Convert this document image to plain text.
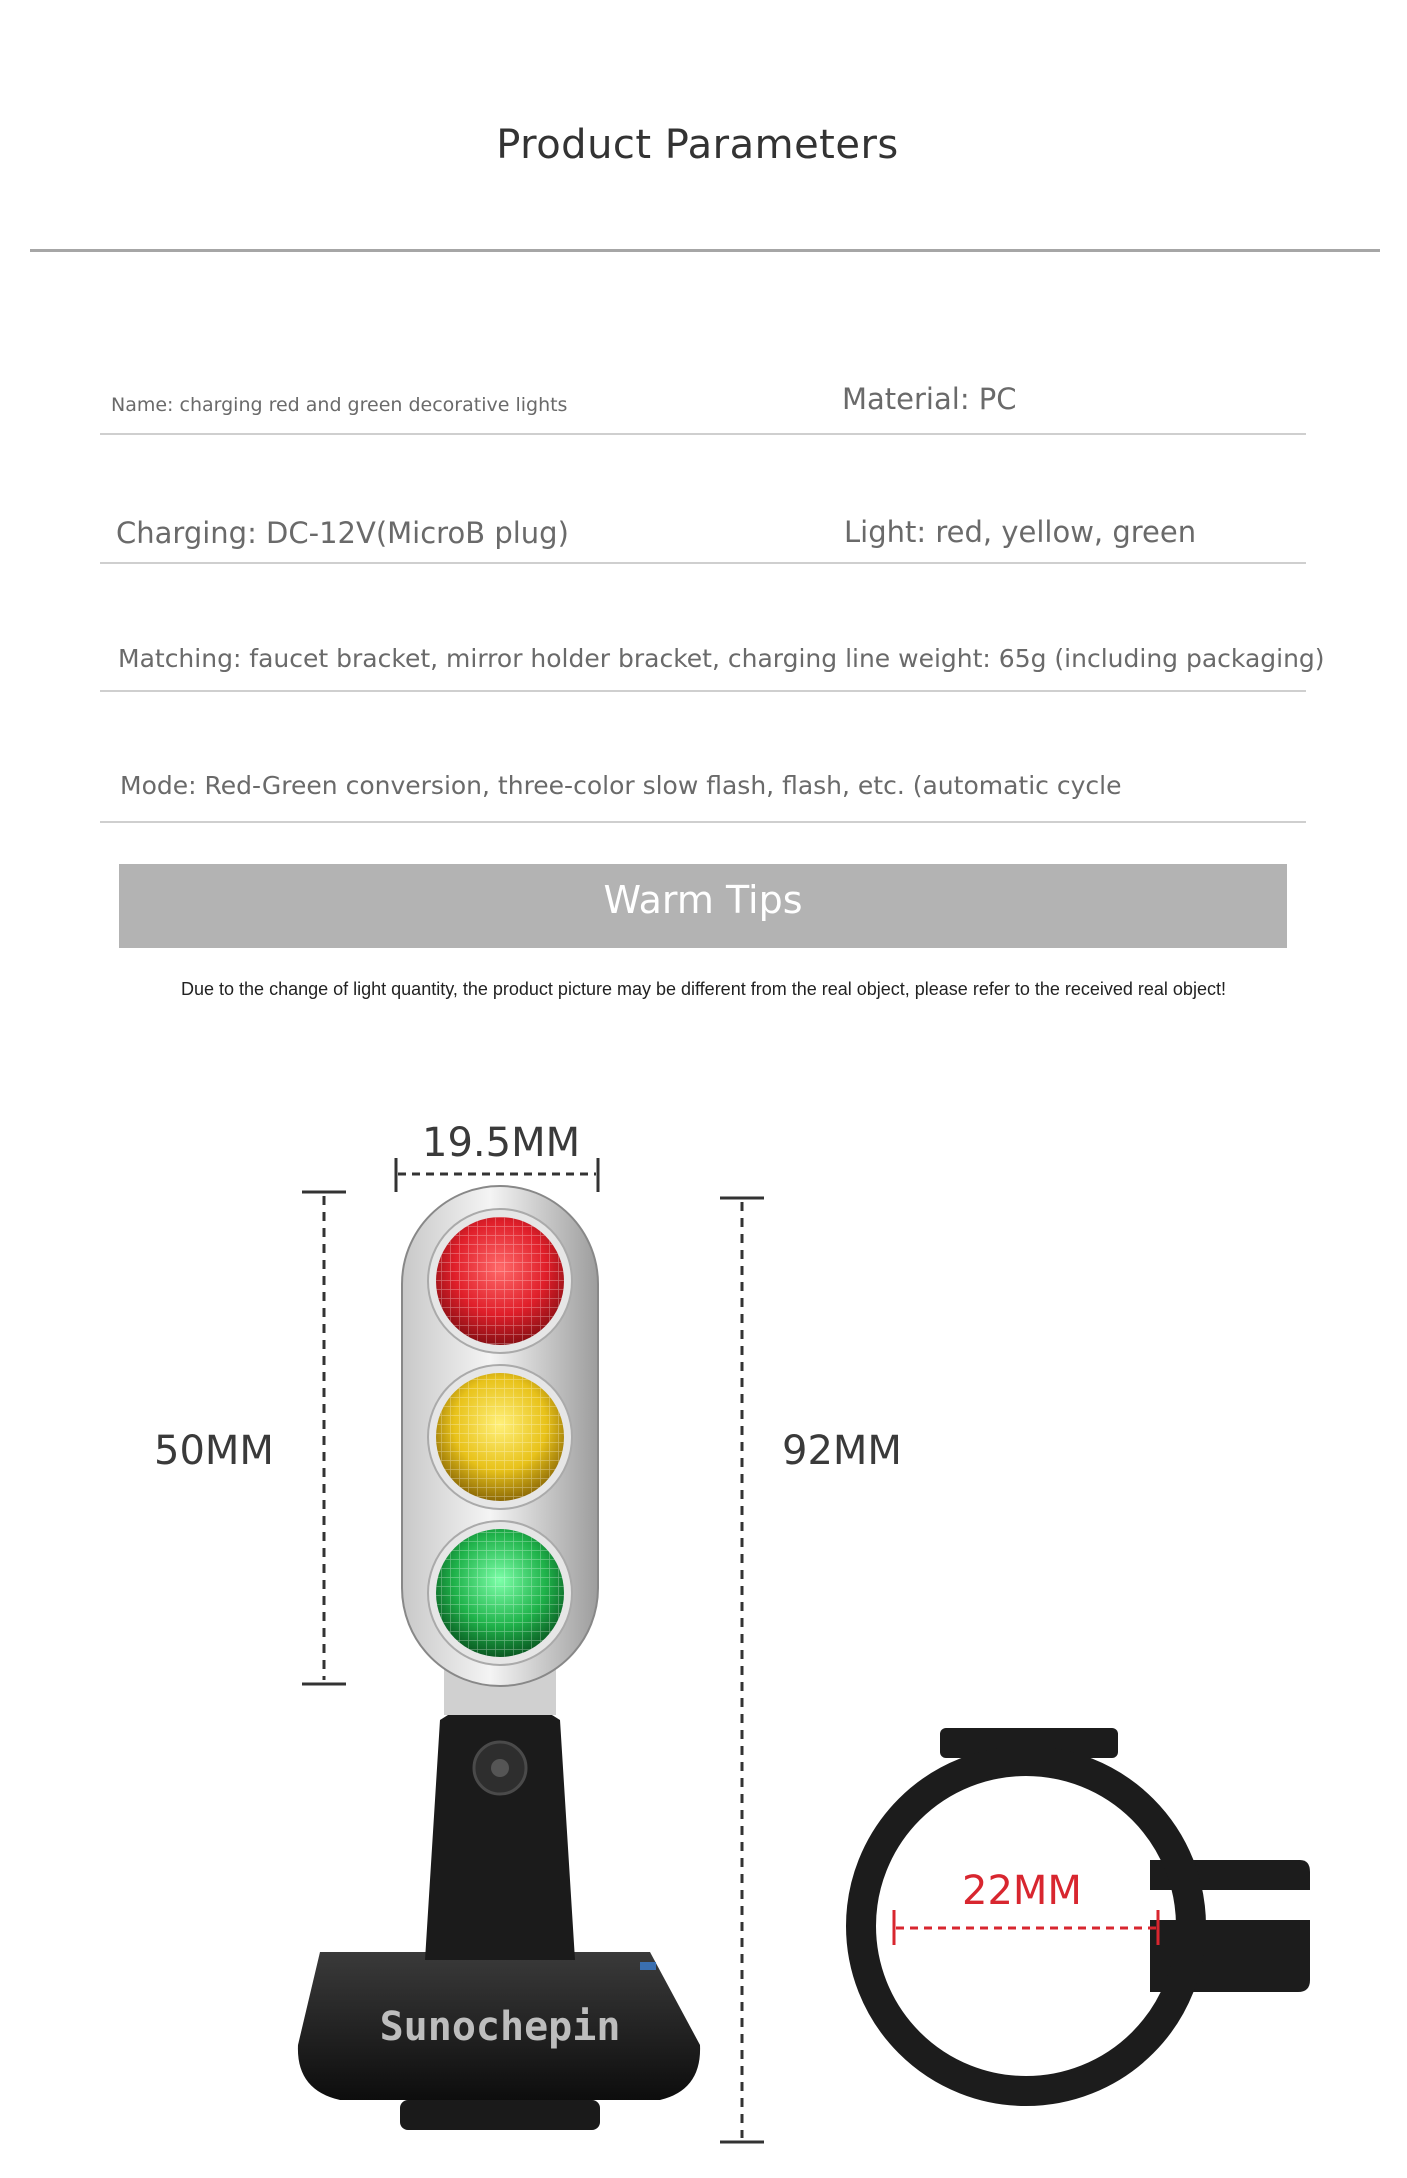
Product Parameters
Name: charging red and green decorative lights	Material: PC
Charging: DC-12V(MicroB plug)	Light: red, yellow, green
Matching: faucet bracket, mirror holder bracket, charging line weight: 65g (including packaging)
Mode: Red-Green conversion, three-color slow flash, flash, etc. (automatic cycle
Warm Tips
Due to the change of light quantity, the product picture may be different from the real object, please refer to the received real object!
Sunochepin
19.5MM
50MM	92MM
22MM
